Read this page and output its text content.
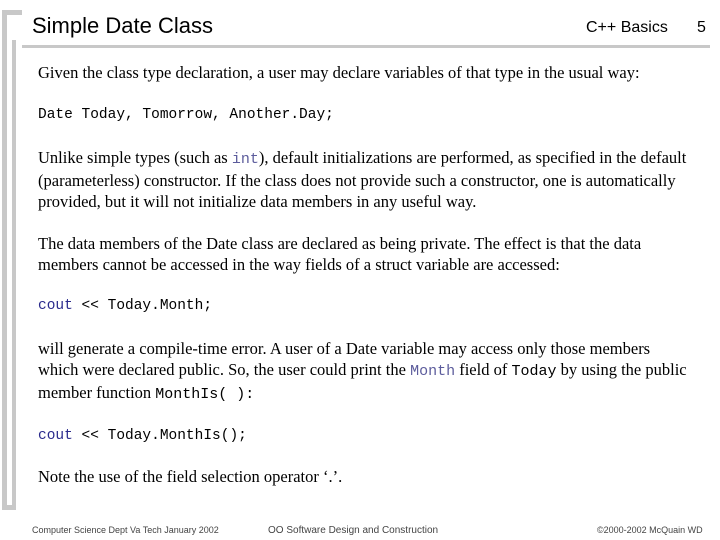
Simple Date Class	C++ Basics 5

Given the class type declaration, a user may declare variables of that type in the usual way:

Date Today, Tomorrow, Another.Day;

Unlike simple types (such as int), default initializations are performed, as specified in the default (parameterless) constructor. If the class does not provide such a constructor, one is automatically provided, but it will not initialize data members in any useful way.

The data members of the Date class are declared as being private. The effect is that the data members cannot be accessed in the way fields of a struct variable are accessed:

cout << Today.Month;

will generate a compile-time error. A user of a Date variable may access only those members which were declared public. So, the user could print the Month field of Today by using the public member function MonthIs( ):

cout << Today.MonthIs();

Note the use of the field selection operator ‘.’.

Computer Science Dept Va Tech January 2002	OO Software Design and Construction	©2000-2002 McQuain WD
